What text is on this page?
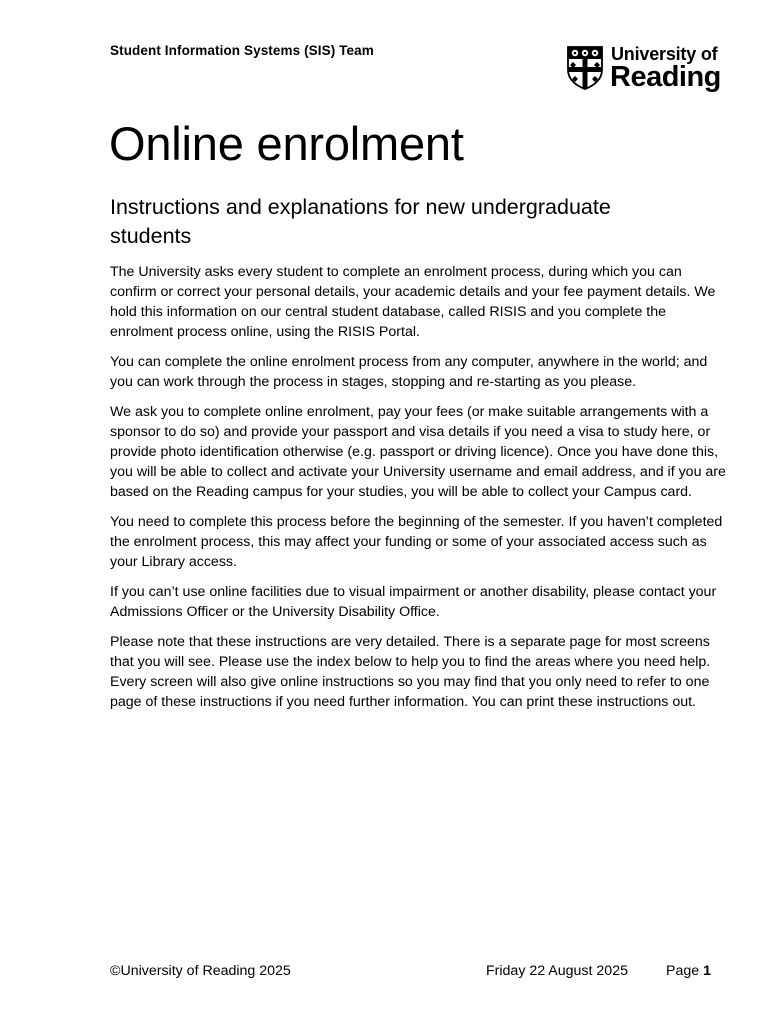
Student Information Systems (SIS) Team	University of
Reading
Online enrolment
Instructions and explanations for new undergraduate students

The University asks every student to complete an enrolment process, during which you can confirm or correct your personal details, your academic details and your fee payment details. We hold this information on our central student database, called RISIS and you complete the enrolment process online, using the RISIS Portal.

You can complete the online enrolment process from any computer, anywhere in the world; and you can work through the process in stages, stopping and re-starting as you please.

We ask you to complete online enrolment, pay your fees (or make suitable arrangements with a sponsor to do so) and provide your passport and visa details if you need a visa to study here, or provide photo identification otherwise (e.g. passport or driving licence). Once you have done this, you will be able to collect and activate your University username and email address, and if you are based on the Reading campus for your studies, you will be able to collect your Campus card.

You need to complete this process before the beginning of the semester. If you haven’t completed the enrolment process, this may affect your funding or some of your associated access such as your Library access.

If you can’t use online facilities due to visual impairment or another disability, please contact your Admissions Officer or the University Disability Office.

Please note that these instructions are very detailed. There is a separate page for most screens that you will see. Please use the index below to help you to find the areas where you need help. Every screen will also give online instructions so you may find that you only need to refer to one page of these instructions if you need further information. You can print these instructions out.

©University of Reading 2025	Friday 22 August 2025	Page 1
